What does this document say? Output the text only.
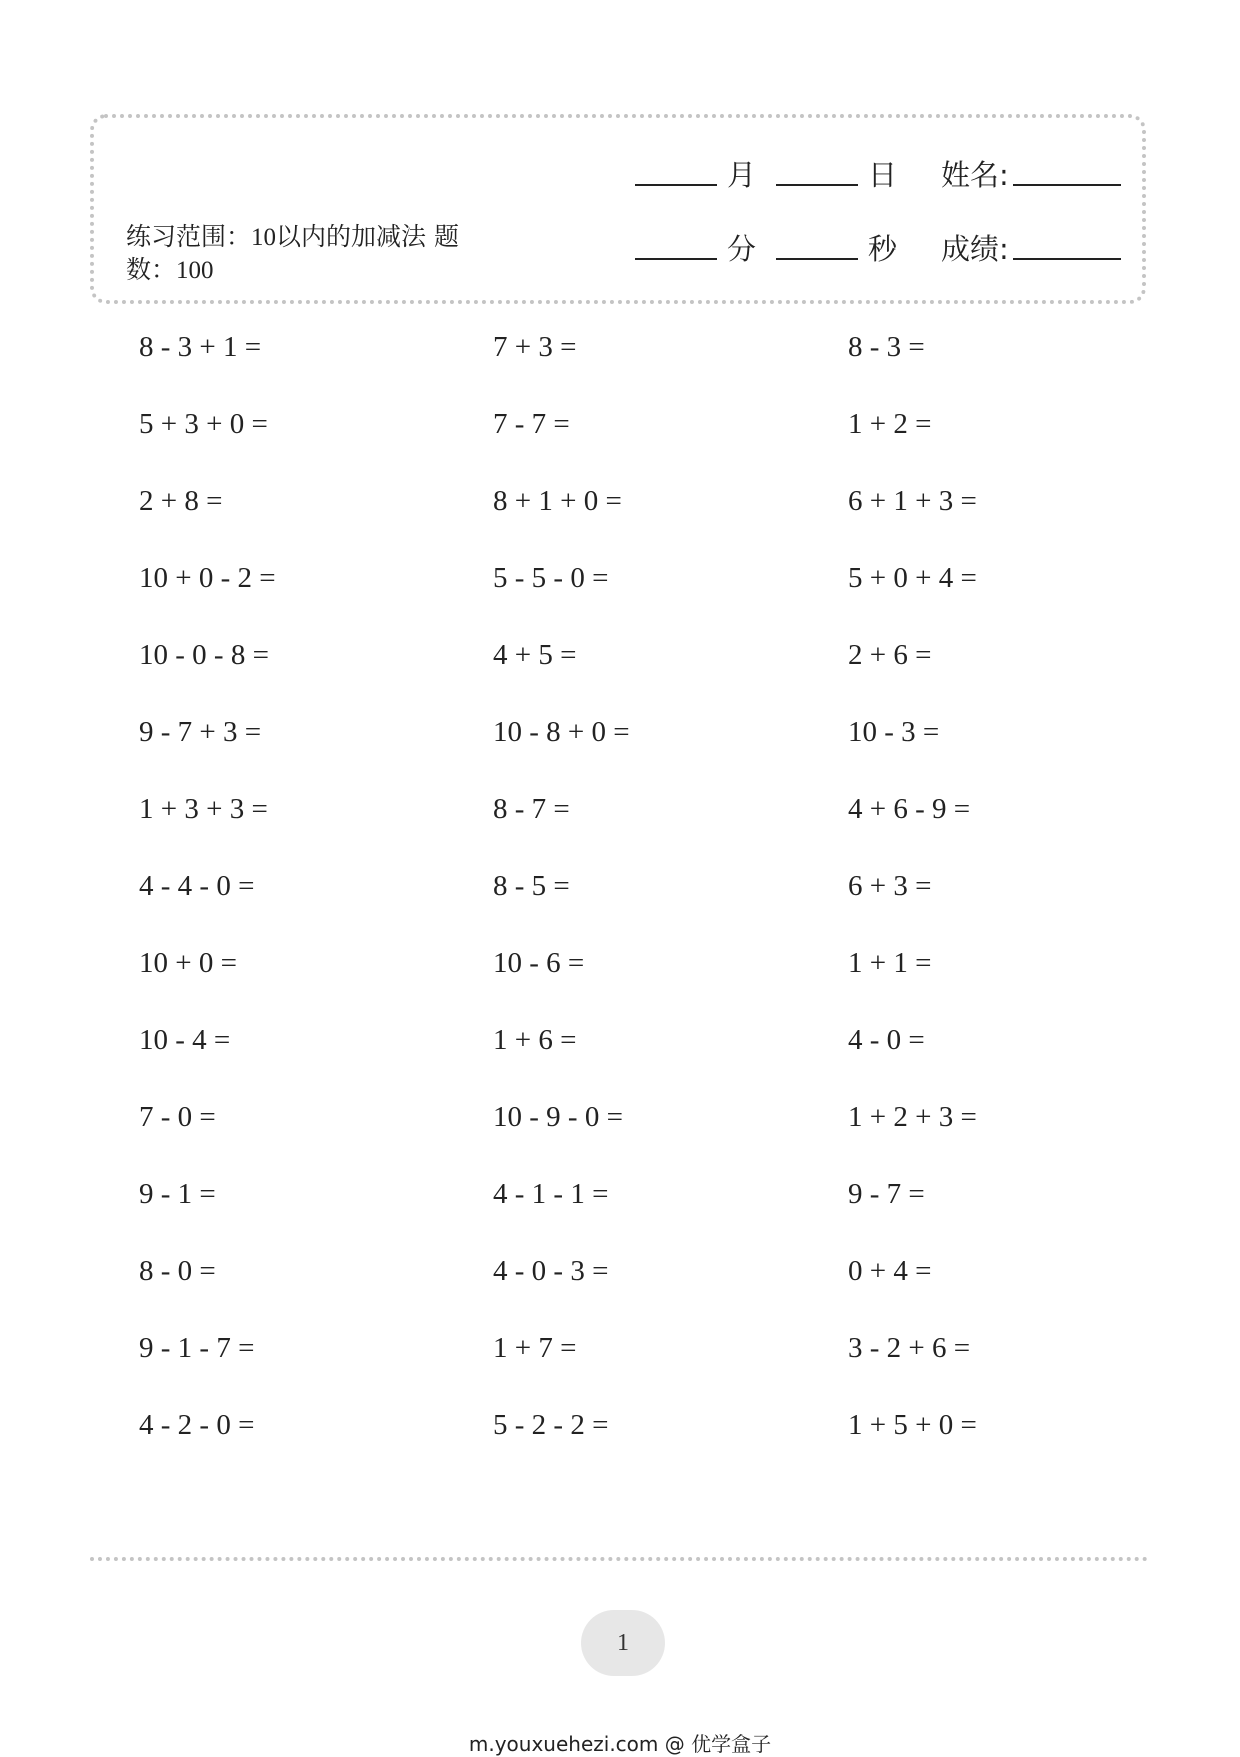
练习范围：10以内的加减法 题数：100
月	日 姓名:
分	秒 成绩:
8 - 3 + 1 =	7 + 3 =	8 - 3 =
5 + 3 + 0 =	7 - 7 =	1 + 2 =
2 + 8 =	8 + 1 + 0 =	6 + 1 + 3 =
10 + 0 - 2 =	5 - 5 - 0 =	5 + 0 + 4 =
10 - 0 - 8 =	4 + 5 =	2 + 6 =
9 - 7 + 3 =	10 - 8 + 0 =	10 - 3 =
1 + 3 + 3 =	8 - 7 =	4 + 6 - 9 =
4 - 4 - 0 =	8 - 5 =	6 + 3 =
10 + 0 =	10 - 6 =	1 + 1 =
10 - 4 =	1 + 6 =	4 - 0 =
7 - 0 =	10 - 9 - 0 =	1 + 2 + 3 =
9 - 1 =	4 - 1 - 1 =	9 - 7 =
8 - 0 =	4 - 0 - 3 =	0 + 4 =
9 - 1 - 7 =	1 + 7 =	3 - 2 + 6 =
4 - 2 - 0 =	5 - 2 - 2 =	1 + 5 + 0 =
1
m.youxuehezi.com @ 优学盒子
